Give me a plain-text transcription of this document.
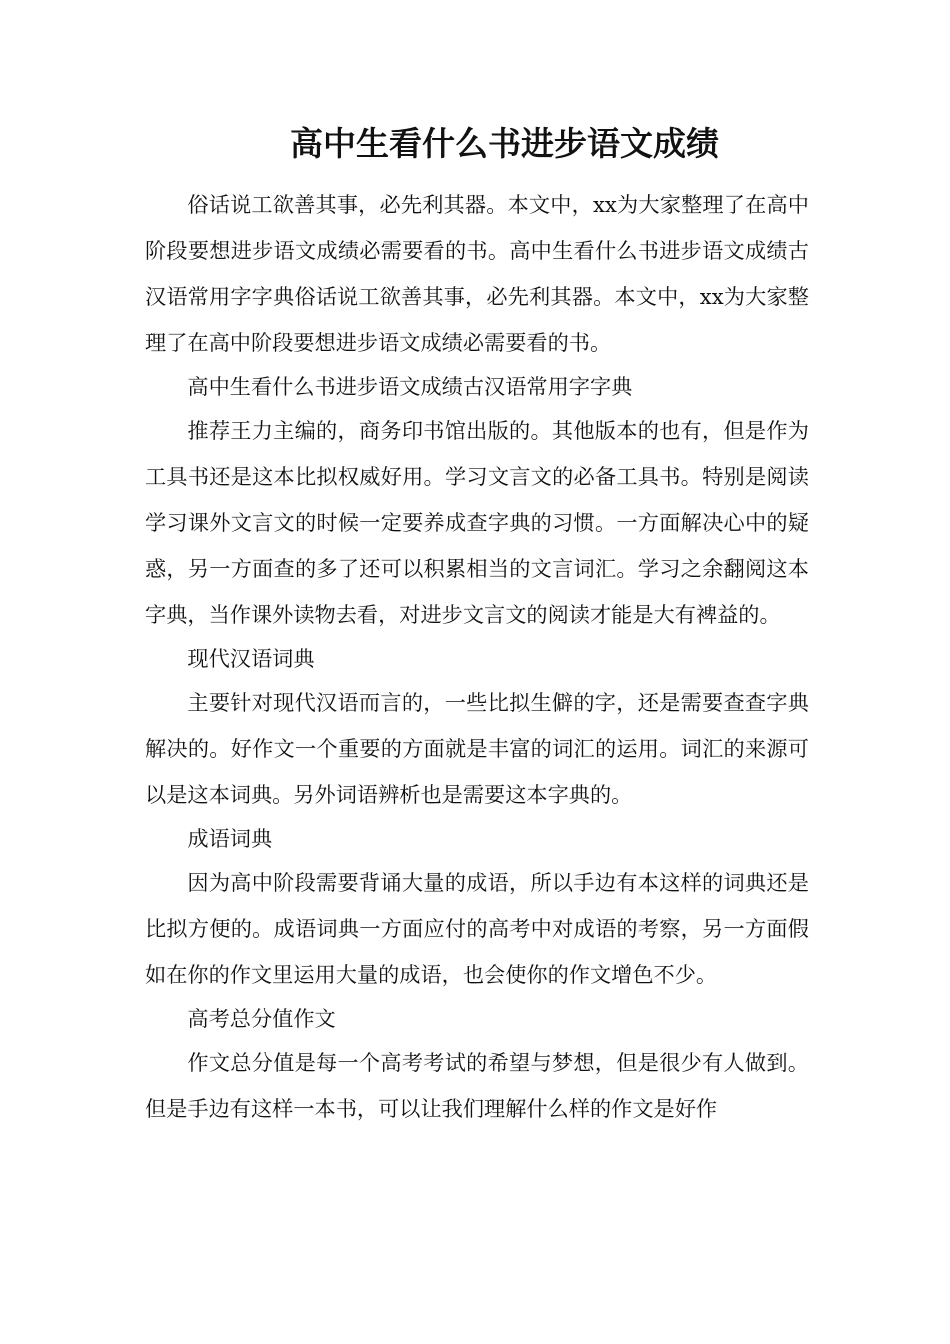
高中生看什么书进步语文成绩

俗话说工欲善其事，必先利其器。本文中，xx为大家整理了在高中阶段要想进步语文成绩必需要看的书。高中生看什么书进步语文成绩古汉语常用字字典俗话说工欲善其事，必先利其器。本文中，xx为大家整理了在高中阶段要想进步语文成绩必需要看的书。

高中生看什么书进步语文成绩古汉语常用字字典

推荐王力主编的，商务印书馆出版的。其他版本的也有，但是作为工具书还是这本比拟权威好用。学习文言文的必备工具书。特别是阅读学习课外文言文的时候一定要养成查字典的习惯。一方面解决心中的疑惑，另一方面查的多了还可以积累相当的文言词汇。学习之余翻阅这本字典，当作课外读物去看，对进步文言文的阅读才能是大有裨益的。

现代汉语词典

主要针对现代汉语而言的，一些比拟生僻的字，还是需要查查字典解决的。好作文一个重要的方面就是丰富的词汇的运用。词汇的来源可以是这本词典。另外词语辨析也是需要这本字典的。

成语词典

因为高中阶段需要背诵大量的成语，所以手边有本这样的词典还是比拟方便的。成语词典一方面应付的高考中对成语的考察，另一方面假如在你的作文里运用大量的成语，也会使你的作文增色不少。

高考总分值作文

作文总分值是每一个高考考试的希望与梦想，但是很少有人做到。但是手边有这样一本书，可以让我们理解什么样的作文是好作
